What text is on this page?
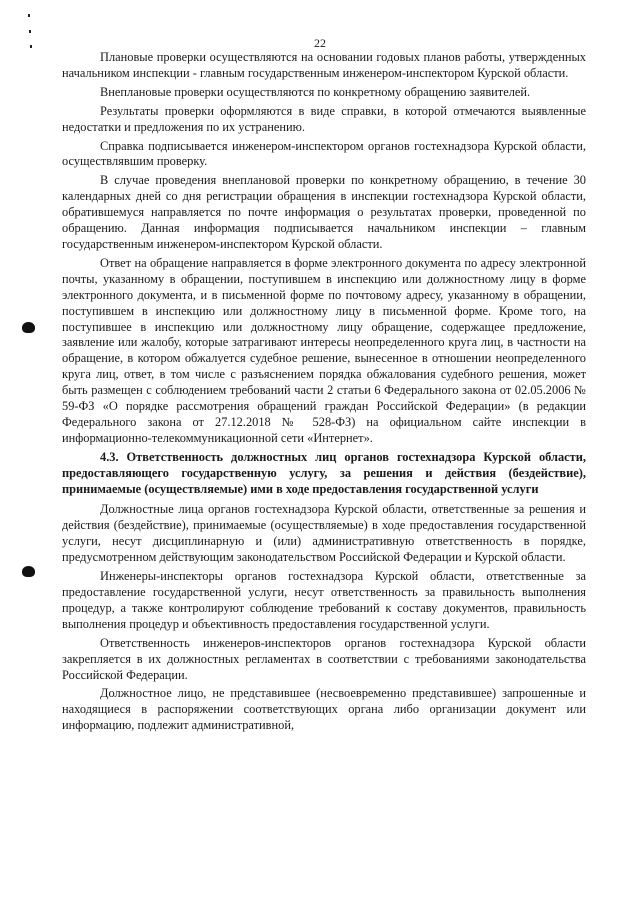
22

Плановые проверки осуществляются на основании годовых планов работы, утвержденных начальником инспекции - главным государственным инженером-инспектором Курской области.

Внеплановые проверки осуществляются по конкретному обращению заявителей.

Результаты проверки оформляются в виде справки, в которой отмечаются выявленные недостатки и предложения по их устранению.

Справка подписывается инженером-инспектором органов гостехнадзора Курской области, осуществлявшим проверку.

В случае проведения внеплановой проверки по конкретному обращению, в течение 30 календарных дней со дня регистрации обращения в инспекции гостехнадзора Курской области, обратившемуся направляется по почте информация о результатах проверки, проведенной по обращению. Данная информация подписывается начальником инспекции – главным государственным инженером-инспектором Курской области.

Ответ на обращение направляется в форме электронного документа по адресу электронной почты, указанному в обращении, поступившем в инспекцию или должностному лицу в форме электронного документа, и в письменной форме по почтовому адресу, указанному в обращении, поступившем в инспекцию или должностному лицу в письменной форме. Кроме того, на поступившее в инспекцию или должностному лицу обращение, содержащее предложение, заявление или жалобу, которые затрагивают интересы неопределенного круга лиц, в частности на обращение, в котором обжалуется судебное решение, вынесенное в отношении неопределенного круга лиц, ответ, в том числе с разъяснением порядка обжалования судебного решения, может быть размещен с соблюдением требований части 2 статьи 6 Федерального закона от 02.05.2006 № 59-ФЗ «О порядке рассмотрения обращений граждан Российской Федерации» (в редакции Федерального закона от 27.12.2018 № 528-ФЗ) на официальном сайте инспекции в информационно-телекоммуникационной сети «Интернет».

4.3. Ответственность должностных лиц органов гостехнадзора Курской области, предоставляющего государственную услугу, за решения и действия (бездействие), принимаемые (осуществляемые) ими в ходе предоставления государственной услуги

Должностные лица органов гостехнадзора Курской области, ответственные за решения и действия (бездействие), принимаемые (осуществляемые) в ходе предоставления государственной услуги, несут дисциплинарную и (или) административную ответственность в порядке, предусмотренном действующим законодательством Российской Федерации и Курской области.

Инженеры-инспекторы органов гостехнадзора Курской области, ответственные за предоставление государственной услуги, несут ответственность за правильность выполнения процедур, а также контролируют соблюдение требований к составу документов, правильность выполнения процедур и объективность предоставления государственной услуги.

Ответственность инженеров-инспекторов органов гостехнадзора Курской области закрепляется в их должностных регламентах в соответствии с требованиями законодательства Российской Федерации.

Должностное лицо, не представившее (несвоевременно представившее) запрошенные и находящиеся в распоряжении соответствующих органа либо организации документ или информацию, подлежит административной,
